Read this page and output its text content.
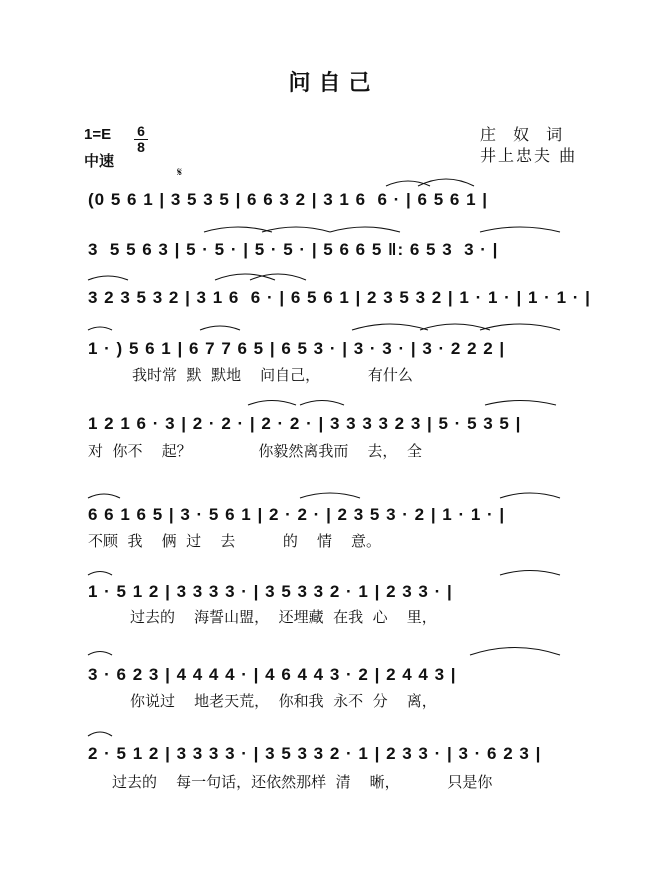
问自己
1=E 6
8
中速
庄 奴 词
井上忠夫 曲
𝄋
(0 5 6 1 | 3 5 3 5 | 6 6 3 2 | 3 1 6  6 · | 6 5 6 1 |
3  5 5 6 3 | 5 · 5 · | 5 · 5 · | 5 6 6 5 ‖: 6 5 3  3 · |
3 2 3 5 3 2 | 3 1 6  6 · | 6 5 6 1 | 2 3 5 3 2 | 1 · 1 · | 1 · 1 · |
1 · ) 5 6 1 | 6 7 7 6 5 | 6 5 3 · | 3 · 3 · | 3 · 2 2 2 |
我时常  默  默地    问自己，          有什么
1 2 1 6 · 3 | 2 · 2 · | 2 · 2 · | 3 3 3 3 2 3 | 5 · 5 3 5 |
对  你不    起？              你毅然离我而    去，  全
6 6 1 6 5 | 3 · 5 6 1 | 2 · 2 · | 2 3 5 3 · 2 | 1 · 1 · |
不顾  我    俩  过    去          的    情    意。
1 · 5 1 2 | 3 3 3 3 · | 3 5 3 3 2 · 1 | 2 3 3 · |
过去的    海誓山盟，  还埋藏  在我  心    里，
3 · 6 2 3 | 4 4 4 4 · | 4 6 4 4 3 · 2 | 2 4 4 3 |
你说过    地老天荒，  你和我  永不  分    离，
2 · 5 1 2 | 3 3 3 3 · | 3 5 3 3 2 · 1 | 2 3 3 · | 3 · 6 2 3 |
过去的    每一句话，还依然那样  清    晰，          只是你
